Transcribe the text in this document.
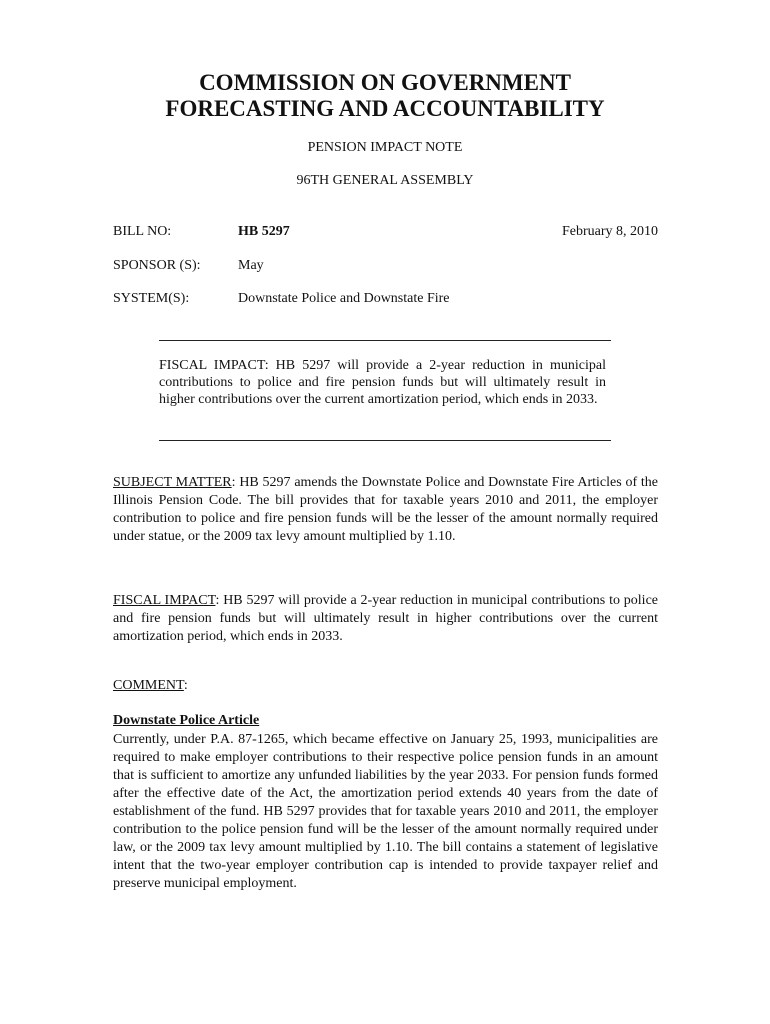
COMMISSION ON GOVERNMENT
FORECASTING AND ACCOUNTABILITY
PENSION IMPACT NOTE
96TH GENERAL ASSEMBLY
BILL NO:	HB 5297	February 8, 2010
SPONSOR (S):	May
SYSTEM(S):	Downstate Police and Downstate Fire
FISCAL IMPACT: HB 5297 will provide a 2-year reduction in municipal contributions to police and fire pension funds but will ultimately result in higher contributions over the current amortization period, which ends in 2033.
SUBJECT MATTER: HB 5297 amends the Downstate Police and Downstate Fire Articles of the Illinois Pension Code. The bill provides that for taxable years 2010 and 2011, the employer contribution to police and fire pension funds will be the lesser of the amount normally required under statue, or the 2009 tax levy amount multiplied by 1.10.
FISCAL IMPACT: HB 5297 will provide a 2-year reduction in municipal contributions to police and fire pension funds but will ultimately result in higher contributions over the current amortization period, which ends in 2033.
COMMENT:
Downstate Police Article
Currently, under P.A. 87-1265, which became effective on January 25, 1993, municipalities are required to make employer contributions to their respective police pension funds in an amount that is sufficient to amortize any unfunded liabilities by the year 2033. For pension funds formed after the effective date of the Act, the amortization period extends 40 years from the date of establishment of the fund. HB 5297 provides that for taxable years 2010 and 2011, the employer contribution to the police pension fund will be the lesser of the amount normally required under law, or the 2009 tax levy amount multiplied by 1.10. The bill contains a statement of legislative intent that the two-year employer contribution cap is intended to provide taxpayer relief and preserve municipal employment.
